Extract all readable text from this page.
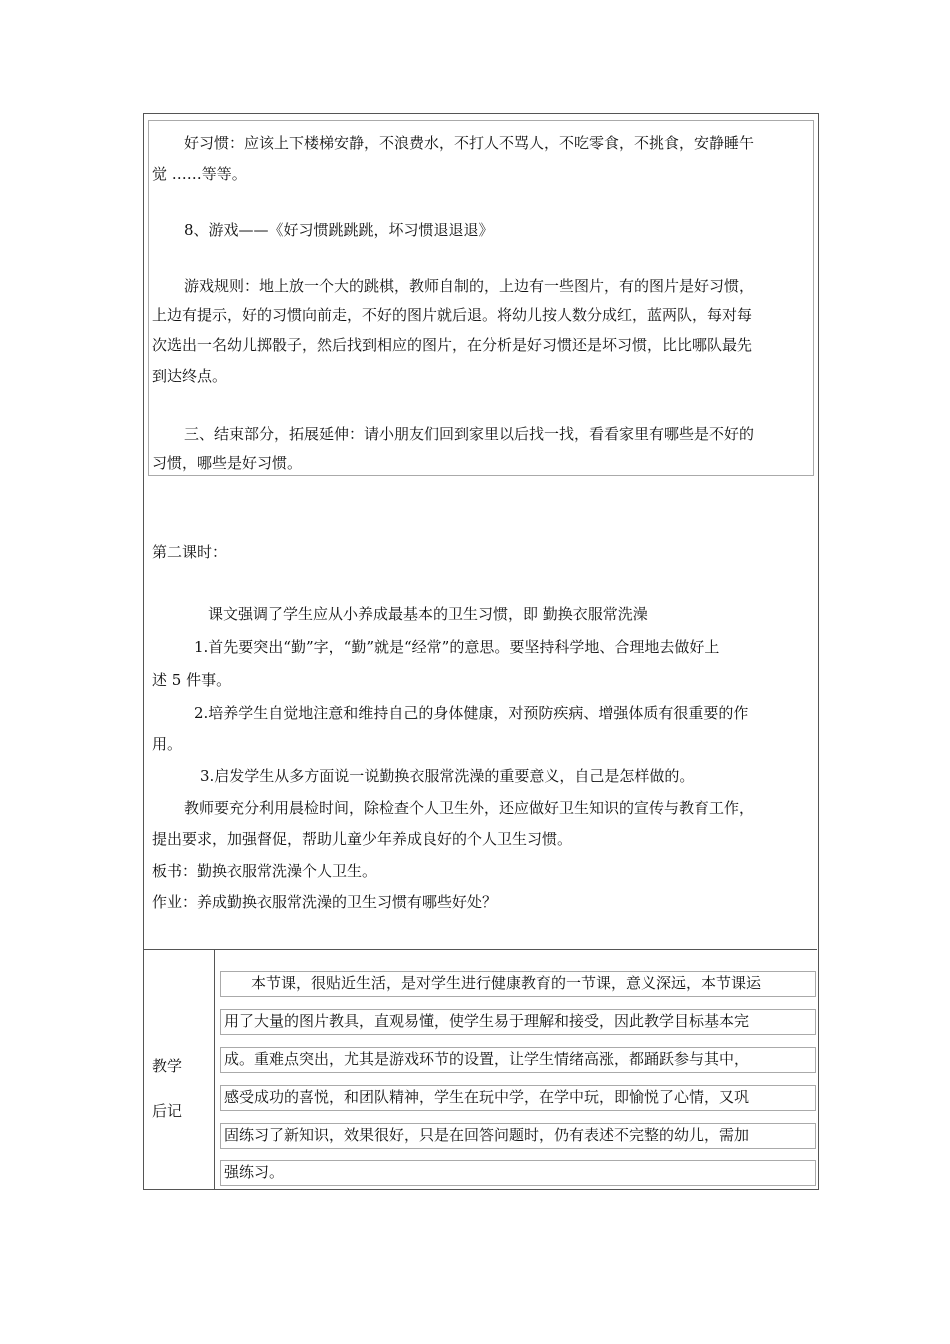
好习惯：应该上下楼梯安静，不浪费水，不打人不骂人，不吃零食，不挑食，安静睡午
觉 ……等等。
8、游戏——《好习惯跳跳跳，坏习惯退退退》
游戏规则：地上放一个大的跳棋，教师自制的，上边有一些图片，有的图片是好习惯，
上边有提示，好的习惯向前走，不好的图片就后退。将幼儿按人数分成红，蓝两队，每对每
次选出一名幼儿掷骰子，然后找到相应的图片，在分析是好习惯还是坏习惯，比比哪队最先
到达终点。
三、结束部分，拓展延伸：请小朋友们回到家里以后找一找，看看家里有哪些是不好的
习惯，哪些是好习惯。
第二课时：
课文强调了学生应从小养成最基本的卫生习惯，即 勤换衣服常洗澡
1.首先要突出“勤”字，“勤”就是“经常”的意思。要坚持科学地、合理地去做好上
述 5 件事。
2.培养学生自觉地注意和维持自己的身体健康，对预防疾病、增强体质有很重要的作
用。
3.启发学生从多方面说一说勤换衣服常洗澡的重要意义，自己是怎样做的。
教师要充分利用晨检时间，除检查个人卫生外，还应做好卫生知识的宣传与教育工作，
提出要求，加强督促，帮助儿童少年养成良好的个人卫生习惯。
板书：勤换衣服常洗澡个人卫生。
作业：养成勤换衣服常洗澡的卫生习惯有哪些好处？
教学
后记
本节课，很贴近生活，是对学生进行健康教育的一节课，意义深远，本节课运
用了大量的图片教具，直观易懂，使学生易于理解和接受，因此教学目标基本完
成。重难点突出，尤其是游戏环节的设置，让学生情绪高涨，都踊跃参与其中，
感受成功的喜悦，和团队精神，学生在玩中学，在学中玩，即愉悦了心情，又巩
固练习了新知识，效果很好，只是在回答问题时，仍有表述不完整的幼儿，需加
强练习。
